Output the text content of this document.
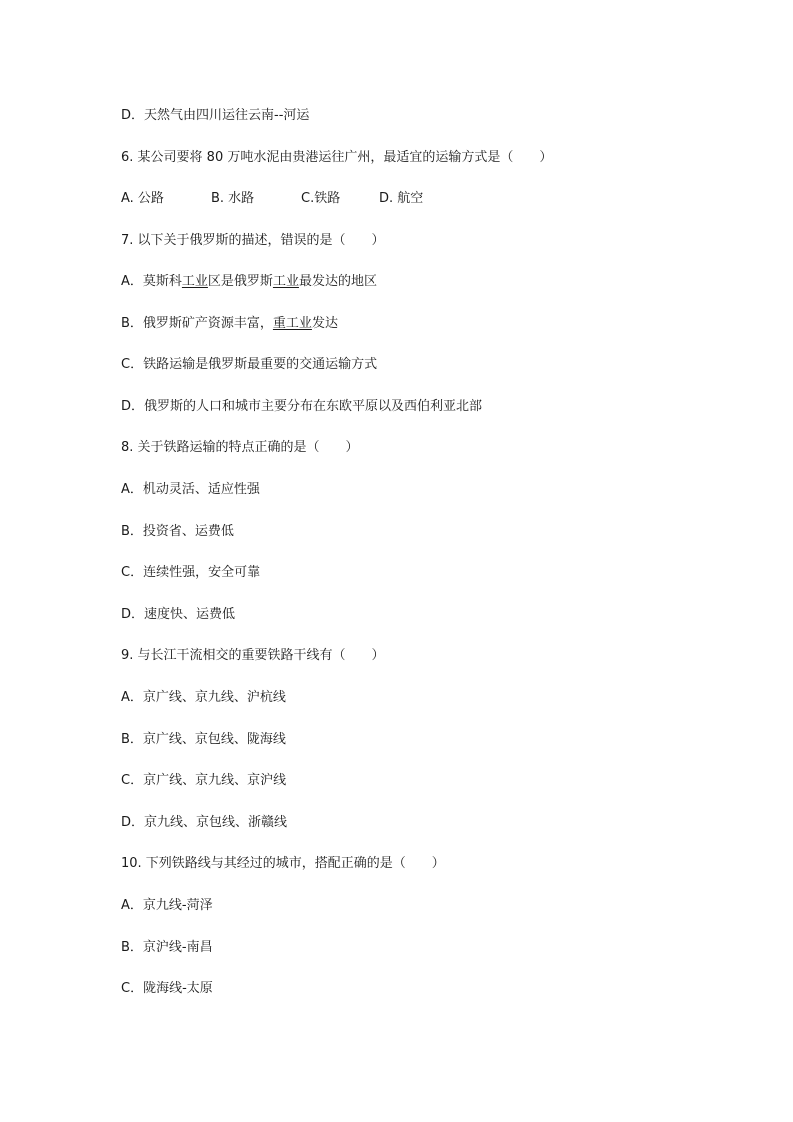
D．天然气由四川运往云南--河运
6. 某公司要将 80 万吨水泥由贵港运往广州，最适宜的运输方式是（　　）
A. 公路	B. 水路	C.铁路	D. 航空
7. 以下关于俄罗斯的描述，错误的是（　　）
A．莫斯科工业区是俄罗斯工业最发达的地区
B．俄罗斯矿产资源丰富，重工业发达
C．铁路运输是俄罗斯最重要的交通运输方式
D．俄罗斯的人口和城市主要分布在东欧平原以及西伯利亚北部
8. 关于铁路运输的特点正确的是（　　）
A．机动灵活、适应性强
B．投资省、运费低
C．连续性强，安全可靠
D．速度快、运费低
9. 与长江干流相交的重要铁路干线有（　　）
A．京广线、京九线、沪杭线
B．京广线、京包线、陇海线
C．京广线、京九线、京沪线
D．京九线、京包线、浙赣线
10. 下列铁路线与其经过的城市，搭配正确的是（　　）
A．京九线-菏泽
B．京沪线-南昌
C．陇海线-太原
